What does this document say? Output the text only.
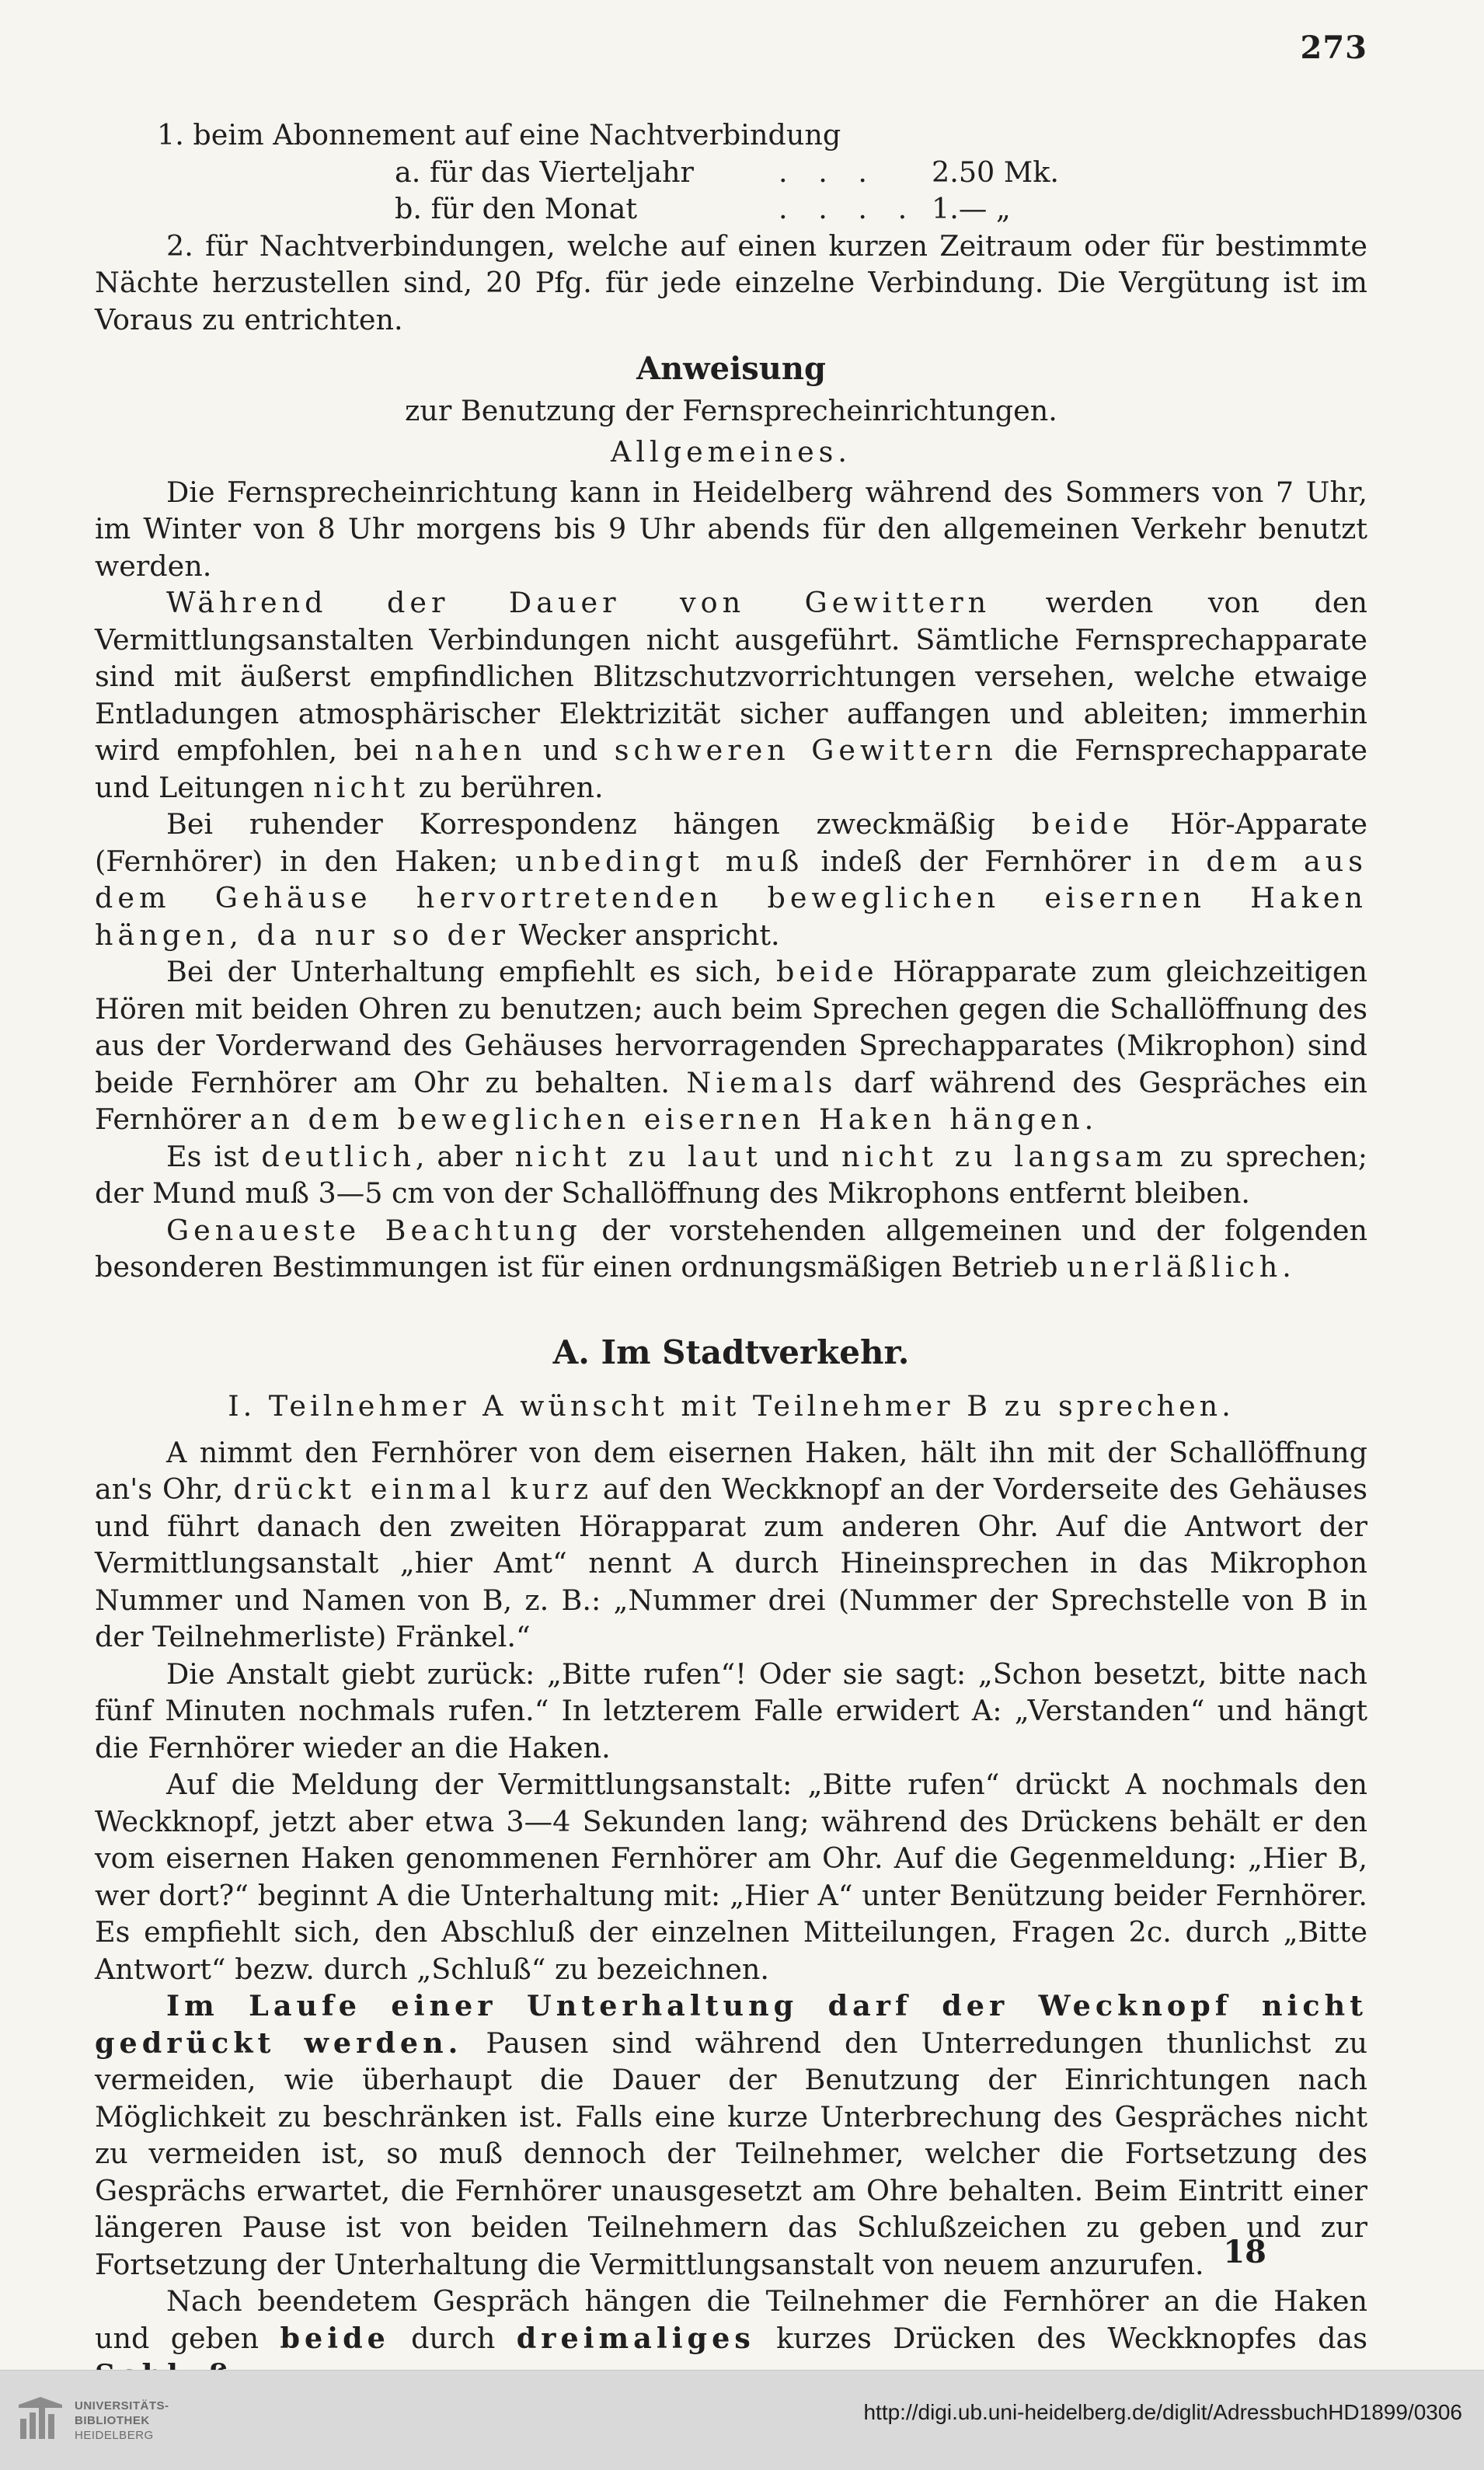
273

1. beim Abonnement auf eine Nachtverbindung

a. für das Vierteljahr	. . . 2.50 Mk.
b. für den Monat	. . . . 1.— „

2. für Nachtverbindungen, welche auf einen kurzen Zeitraum oder für bestimmte Nächte herzustellen sind, 20 Pfg. für jede einzelne Verbindung. Die Vergütung ist im Voraus zu entrichten.

Anweisung

zur Benutzung der Fernsprecheinrichtungen.

Allgemeines.

Die Fernsprecheinrichtung kann in Heidelberg während des Sommers von 7 Uhr, im Winter von 8 Uhr morgens bis 9 Uhr abends für den allgemeinen Verkehr benutzt werden.

Während der Dauer von Gewittern werden von den Vermittlungsanstalten Verbindungen nicht ausgeführt. Sämtliche Fernsprechapparate sind mit äußerst empfindlichen Blitzschutzvorrichtungen versehen, welche etwaige Entladungen atmosphärischer Elektrizität sicher auffangen und ableiten; immerhin wird empfohlen, bei nahen und schweren Gewittern die Fernsprechapparate und Leitungen nicht zu berühren.

Bei ruhender Korrespondenz hängen zweckmäßig beide Hör-Apparate (Fernhörer) in den Haken; unbedingt muß indeß der Fernhörer in dem aus dem Gehäuse hervortretenden beweglichen eisernen Haken hängen, da nur so der Wecker anspricht.

Bei der Unterhaltung empfiehlt es sich, beide Hörapparate zum gleichzeitigen Hören mit beiden Ohren zu benutzen; auch beim Sprechen gegen die Schallöffnung des aus der Vorderwand des Gehäuses hervorragenden Sprechapparates (Mikrophon) sind beide Fernhörer am Ohr zu behalten. Niemals darf während des Gespräches ein Fernhörer an dem beweglichen eisernen Haken hängen.

Es ist deutlich, aber nicht zu laut und nicht zu langsam zu sprechen; der Mund muß 3—5 cm von der Schallöffnung des Mikrophons entfernt bleiben.

Genaueste Beachtung der vorstehenden allgemeinen und der folgenden besonderen Bestimmungen ist für einen ordnungsmäßigen Betrieb unerläßlich.

A. Im Stadtverkehr.

I. Teilnehmer A wünscht mit Teilnehmer B zu sprechen.

A nimmt den Fernhörer von dem eisernen Haken, hält ihn mit der Schallöffnung an's Ohr, drückt einmal kurz auf den Weckknopf an der Vorderseite des Gehäuses und führt danach den zweiten Hörapparat zum anderen Ohr. Auf die Antwort der Vermittlungsanstalt „hier Amt“ nennt A durch Hineinsprechen in das Mikrophon Nummer und Namen von B, z. B.: „Nummer drei (Nummer der Sprechstelle von B in der Teilnehmerliste) Fränkel.“

Die Anstalt giebt zurück: „Bitte rufen“! Oder sie sagt: „Schon besetzt, bitte nach fünf Minuten nochmals rufen.“ In letzterem Falle erwidert A: „Verstanden“ und hängt die Fernhörer wieder an die Haken.

Auf die Meldung der Vermittlungsanstalt: „Bitte rufen“ drückt A nochmals den Weckknopf, jetzt aber etwa 3—4 Sekunden lang; während des Drückens behält er den vom eisernen Haken genommenen Fernhörer am Ohr. Auf die Gegenmeldung: „Hier B, wer dort?“ beginnt A die Unterhaltung mit: „Hier A“ unter Benützung beider Fernhörer. Es empfiehlt sich, den Abschluß der einzelnen Mitteilungen, Fragen 2c. durch „Bitte Antwort“ bezw. durch „Schluß“ zu bezeichnen.

Im Laufe einer Unterhaltung darf der Wecknopf nicht gedrückt werden. Pausen sind während den Unterredungen thunlichst zu vermeiden, wie überhaupt die Dauer der Benutzung der Einrichtungen nach Möglichkeit zu beschränken ist. Falls eine kurze Unterbrechung des Gespräches nicht zu vermeiden ist, so muß dennoch der Teilnehmer, welcher die Fortsetzung des Gesprächs erwartet, die Fernhörer unausgesetzt am Ohre behalten. Beim Eintritt einer längeren Pause ist von beiden Teilnehmern das Schlußzeichen zu geben und zur Fortsetzung der Unterhaltung die Vermittlungsanstalt von neuem anzurufen.

Nach beendetem Gespräch hängen die Teilnehmer die Fernhörer an die Haken und geben beide durch dreimaliges kurzes Drücken des Weckknopfes das

18
UNIVERSITÄTS-
BIBLIOTHEK
HEIDELBERG
http://digi.ub.uni-heidelberg.de/diglit/AdressbuchHD1899/0306
